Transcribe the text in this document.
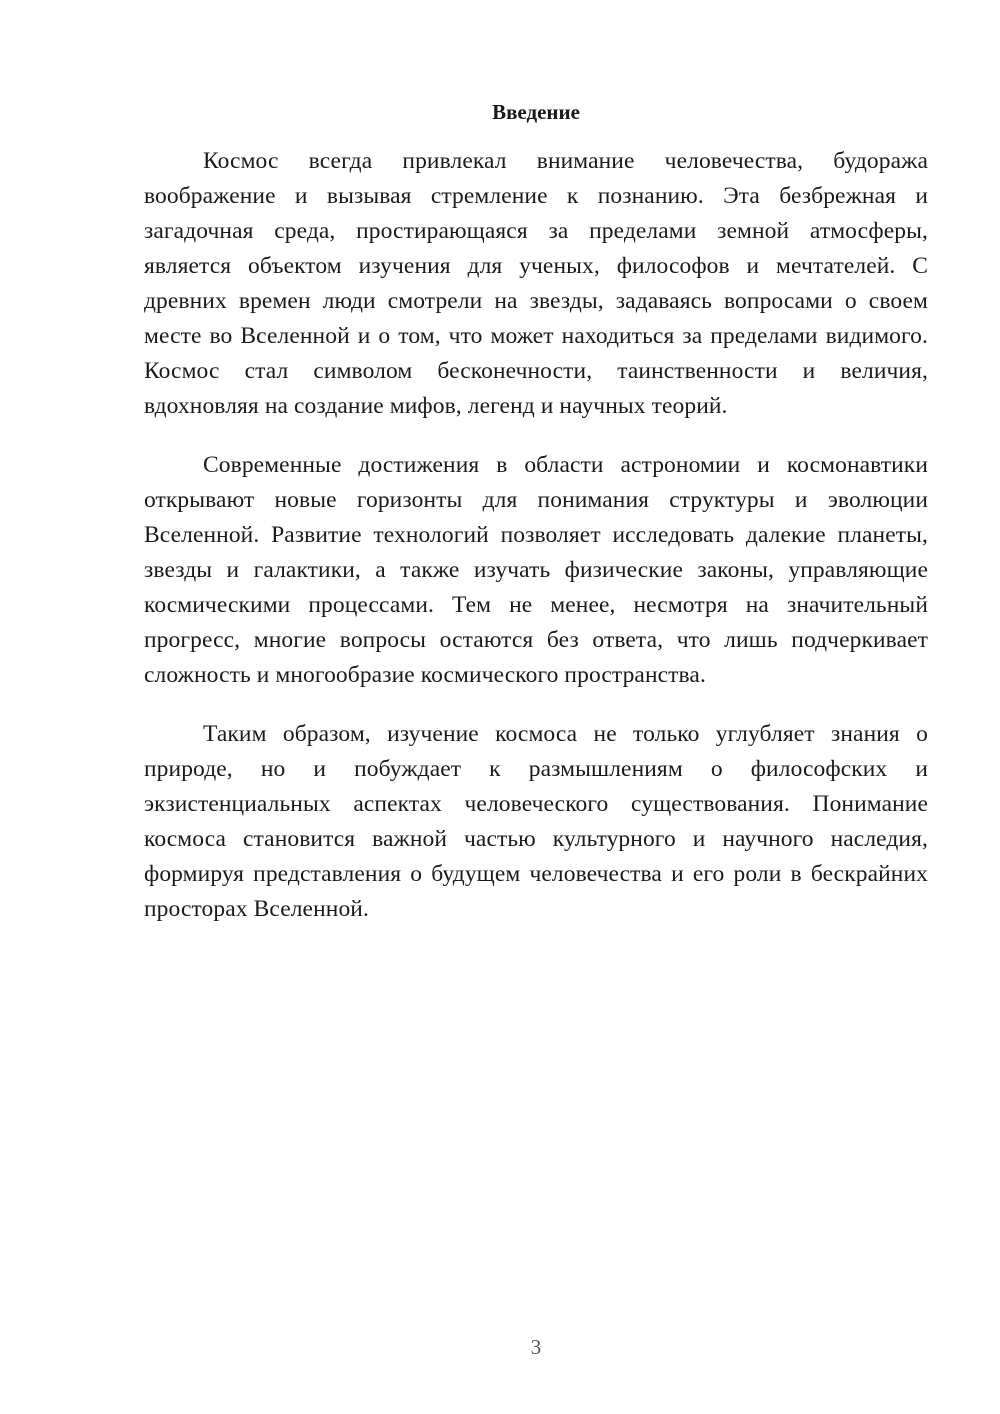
Введение

Космос всегда привлекал внимание человечества, будоража воображение и вызывая стремление к познанию. Эта безбрежная и загадочная среда, простирающаяся за пределами земной атмосферы, является объектом изучения для ученых, философов и мечтателей. С древних времен люди смотрели на звезды, задаваясь вопросами о своем месте во Вселенной и о том, что может находиться за пределами видимого. Космос стал символом бесконечности, таинственности и величия, вдохновляя на создание мифов, легенд и научных теорий.

Современные достижения в области астрономии и космонавтики открывают новые горизонты для понимания структуры и эволюции Вселенной. Развитие технологий позволяет исследовать далекие планеты, звезды и галактики, а также изучать физические законы, управляющие космическими процессами. Тем не менее, несмотря на значительный прогресс, многие вопросы остаются без ответа, что лишь подчеркивает сложность и многообразие космического пространства.

Таким образом, изучение космоса не только углубляет знания о природе, но и побуждает к размышлениям о философских и экзистенциальных аспектах человеческого существования. Понимание космоса становится важной частью культурного и научного наследия, формируя представления о будущем человечества и его роли в бескрайних просторах Вселенной.

3
